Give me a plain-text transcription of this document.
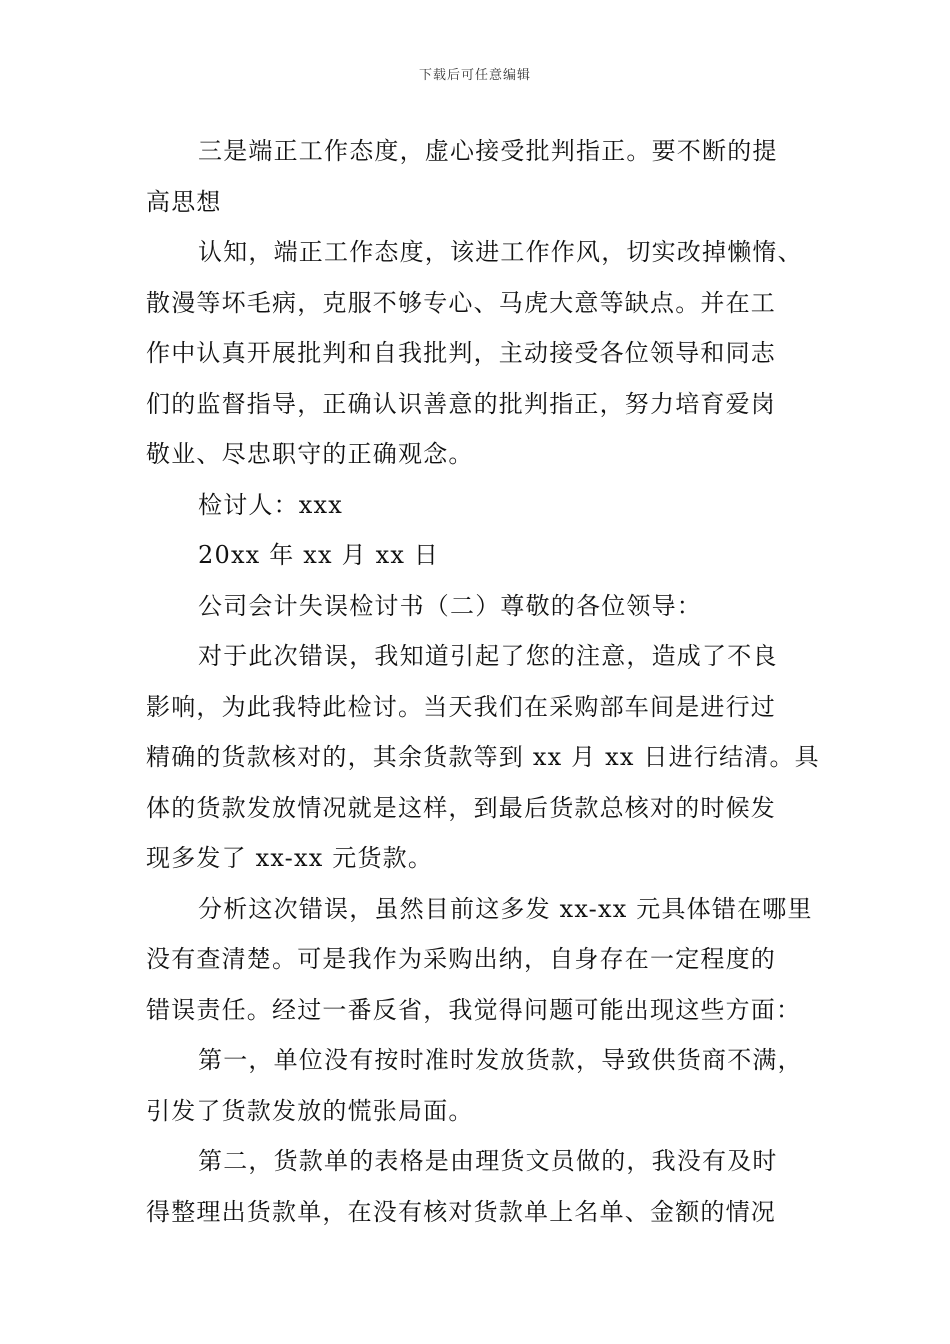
下载后可任意编辑

三是端正工作态度，虚心接受批判指正。要不断的提

高思想

认知，端正工作态度，该进工作作风，切实改掉懒惰、

散漫等坏毛病，克服不够专心、马虎大意等缺点。并在工

作中认真开展批判和自我批判，主动接受各位领导和同志

们的监督指导，正确认识善意的批判指正，努力培育爱岗

敬业、尽忠职守的正确观念。

检讨人：xxx

20xx 年 xx 月 xx 日

公司会计失误检讨书（二）尊敬的各位领导：

对于此次错误，我知道引起了您的注意，造成了不良

影响，为此我特此检讨。当天我们在采购部车间是进行过

精确的货款核对的，其余货款等到 xx 月 xx 日进行结清。具

体的货款发放情况就是这样，到最后货款总核对的时候发

现多发了 xx-xx 元货款。

分析这次错误，虽然目前这多发 xx-xx 元具体错在哪里

没有查清楚。可是我作为采购出纳，自身存在一定程度的

错误责任。经过一番反省，我觉得问题可能出现这些方面：

第一，单位没有按时准时发放货款，导致供货商不满，

引发了货款发放的慌张局面。

第二，货款单的表格是由理货文员做的，我没有及时

得整理出货款单，在没有核对货款单上名单、金额的情况
